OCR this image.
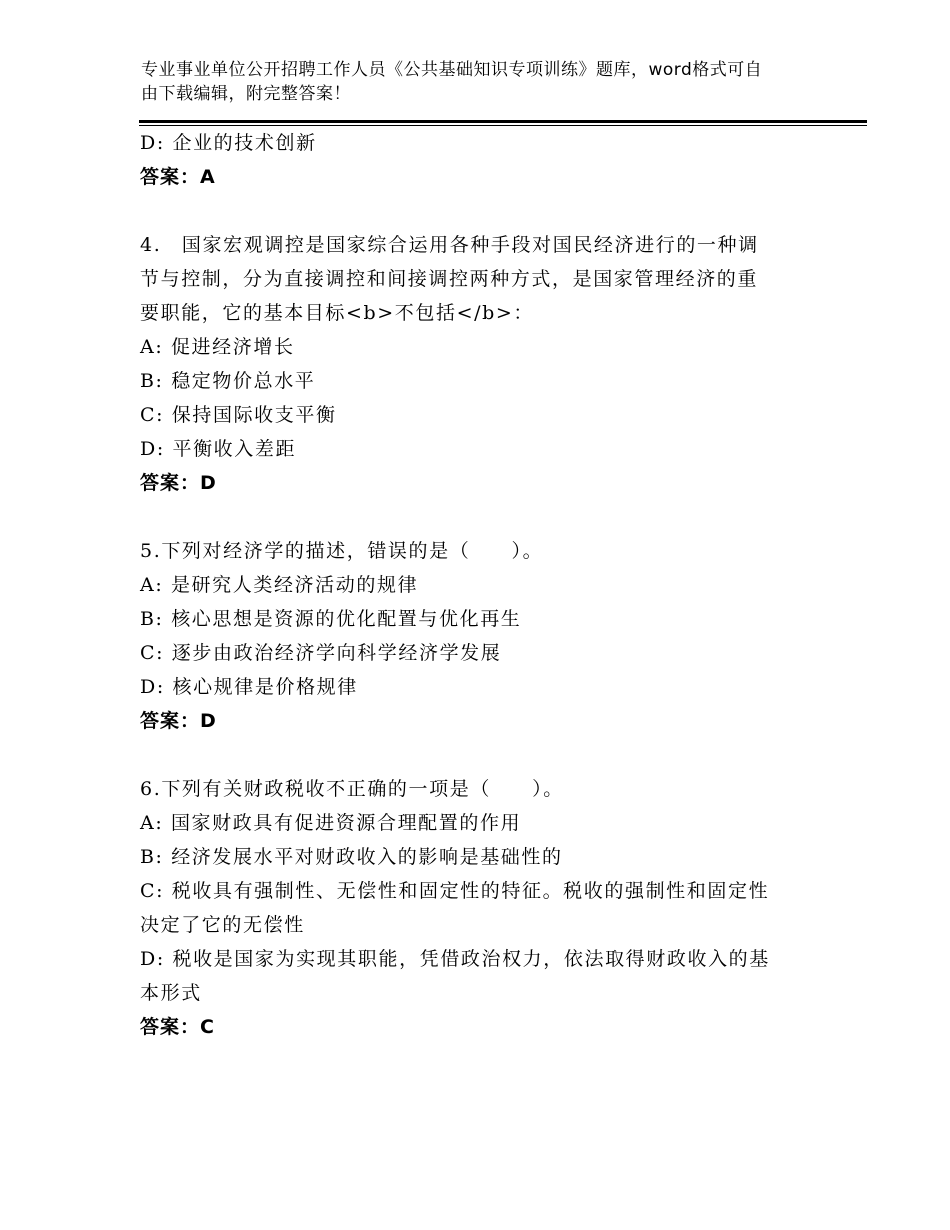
专业事业单位公开招聘工作人员《公共基础知识专项训练》题库，word格式可自
由下载编辑，附完整答案！
D: 企业的技术创新
答案：A
4.　国家宏观调控是国家综合运用各种手段对国民经济进行的一种调
节与控制，分为直接调控和间接调控两种方式，是国家管理经济的重
要职能，它的基本目标<b>不包括</b>：
A: 促进经济增长
B: 稳定物价总水平
C: 保持国际收支平衡
D: 平衡收入差距
答案：D
5.下列对经济学的描述，错误的是（　　）。
A: 是研究人类经济活动的规律
B: 核心思想是资源的优化配置与优化再生
C: 逐步由政治经济学向科学经济学发展
D: 核心规律是价格规律
答案：D
6.下列有关财政税收不正确的一项是（　　）。
A: 国家财政具有促进资源合理配置的作用
B: 经济发展水平对财政收入的影响是基础性的
C: 税收具有强制性、无偿性和固定性的特征。税收的强制性和固定性
决定了它的无偿性
D: 税收是国家为实现其职能，凭借政治权力，依法取得财政收入的基
本形式
答案：C
